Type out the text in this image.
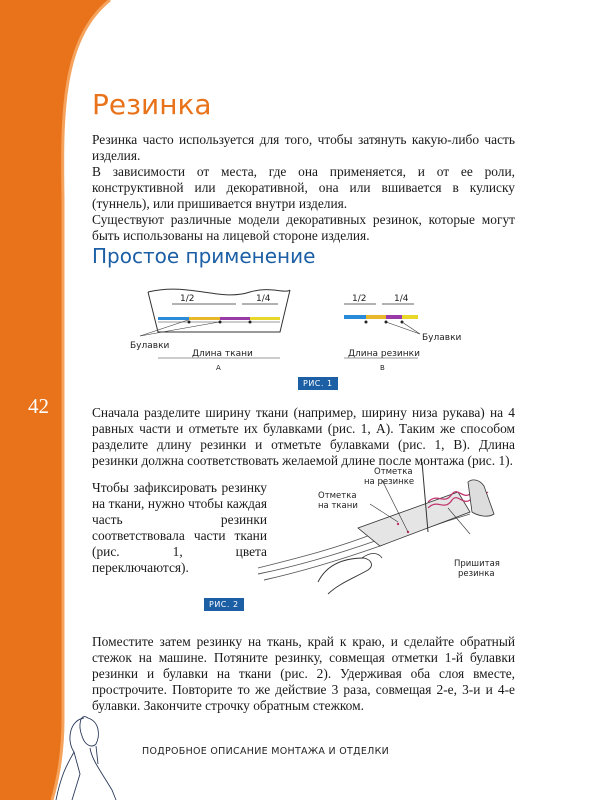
42
Резинка

Резинка часто используется для того, чтобы затянуть какую-либо часть изделия.

В зависимости от места, где она применяется, и от ее роли, конструктивной или декоративной, она или вшивается в кулиску (туннель), или пришивается внутри изделия.

Существуют различные модели декоративных резинок, которые могут быть использованы на лицевой стороне изделия.

Простое применение
1/2	1/4
Булавки
Длина ткани
A
1/2	1/4
Булавки
Длина резинки
B
РИС. 1

Сначала разделите ширину ткани (например, ширину низа рукава) на 4 равных части и отметьте их булавками (рис. 1, A). Таким же способом разделите длину резинки и отметьте булавками (рис. 1, B). Длина резинки должна соответствовать желаемой длине после монтажа (рис. 1).

Чтобы зафиксировать резинку на ткани, нужно чтобы каждая часть резинки соответствовала части ткани (рис. 1, цвета переключаются).

Отметка
на резинке
Отметка
на ткани
Пришитая
резинка
РИС. 2

Поместите затем резинку на ткань, край к краю, и сделайте обратный стежок на машине. Потяните резинку, совмещая отметки 1-й булавки резинки и булавки на ткани (рис. 2). Удерживая оба слоя вместе, прострочите. Повторите то же действие 3 раза, совмещая 2-е, 3-и и 4-е булавки. Закончите строчку обратным стежком.

ПОДРОБНОЕ ОПИСАНИЕ МОНТАЖА И ОТДЕЛКИ
